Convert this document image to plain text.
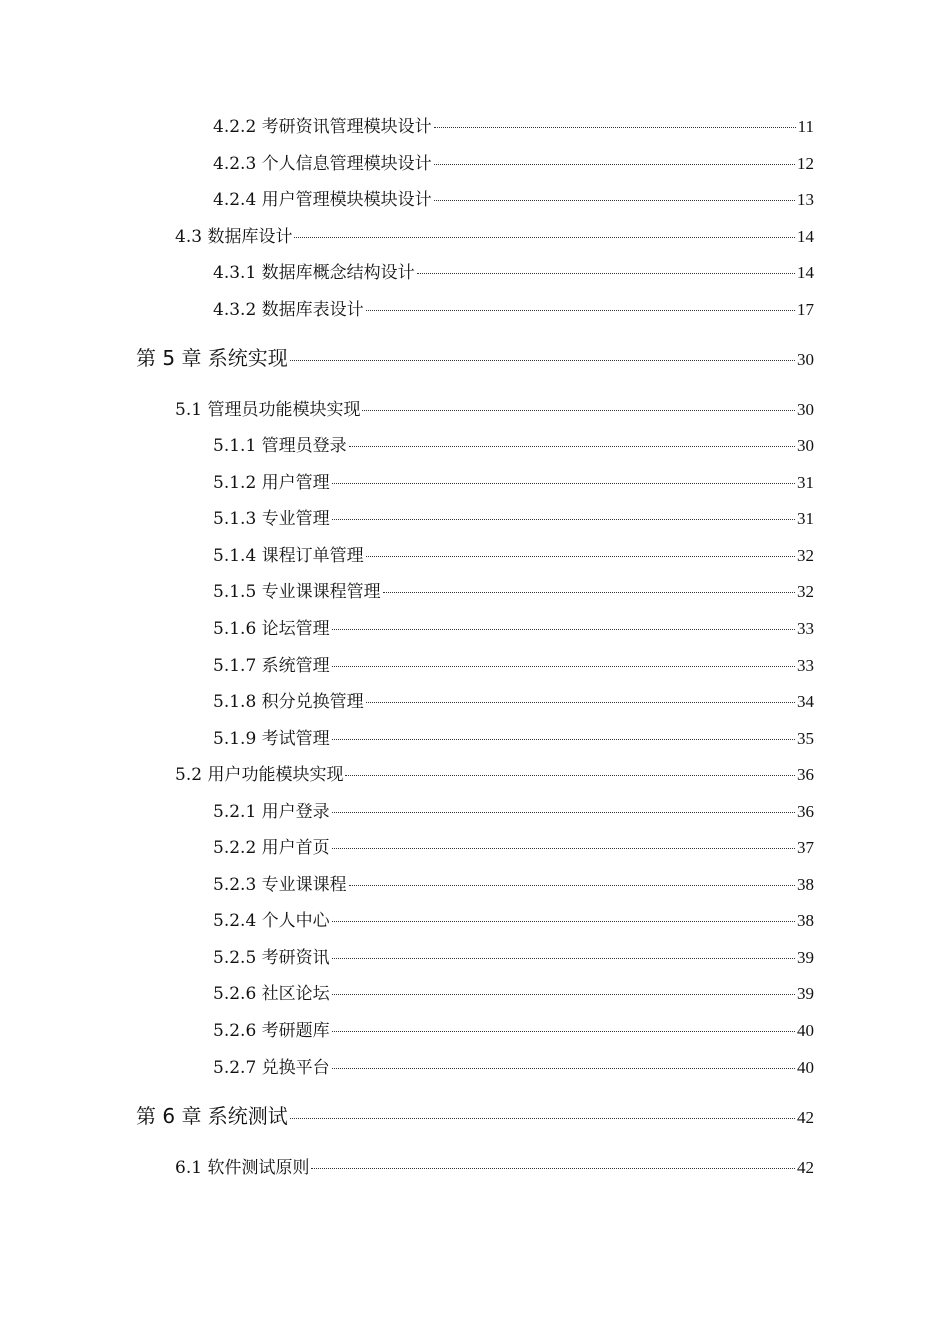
4.2.2 考研资讯管理模块设计	11
4.2.3 个人信息管理模块设计	12
4.2.4 用户管理模块模块设计	13
4.3 数据库设计	14
4.3.1 数据库概念结构设计	14
4.3.2 数据库表设计	17
第 5 章 系统实现	30
5.1 管理员功能模块实现	30
5.1.1 管理员登录	30
5.1.2 用户管理	31
5.1.3 专业管理	31
5.1.4 课程订单管理	32
5.1.5 专业课课程管理	32
5.1.6 论坛管理	33
5.1.7 系统管理	33
5.1.8 积分兑换管理	34
5.1.9 考试管理	35
5.2 用户功能模块实现	36
5.2.1 用户登录	36
5.2.2 用户首页	37
5.2.3 专业课课程	38
5.2.4 个人中心	38
5.2.5 考研资讯	39
5.2.6 社区论坛	39
5.2.6 考研题库	40
5.2.7 兑换平台	40
第 6 章 系统测试	42
6.1 软件测试原则	42
